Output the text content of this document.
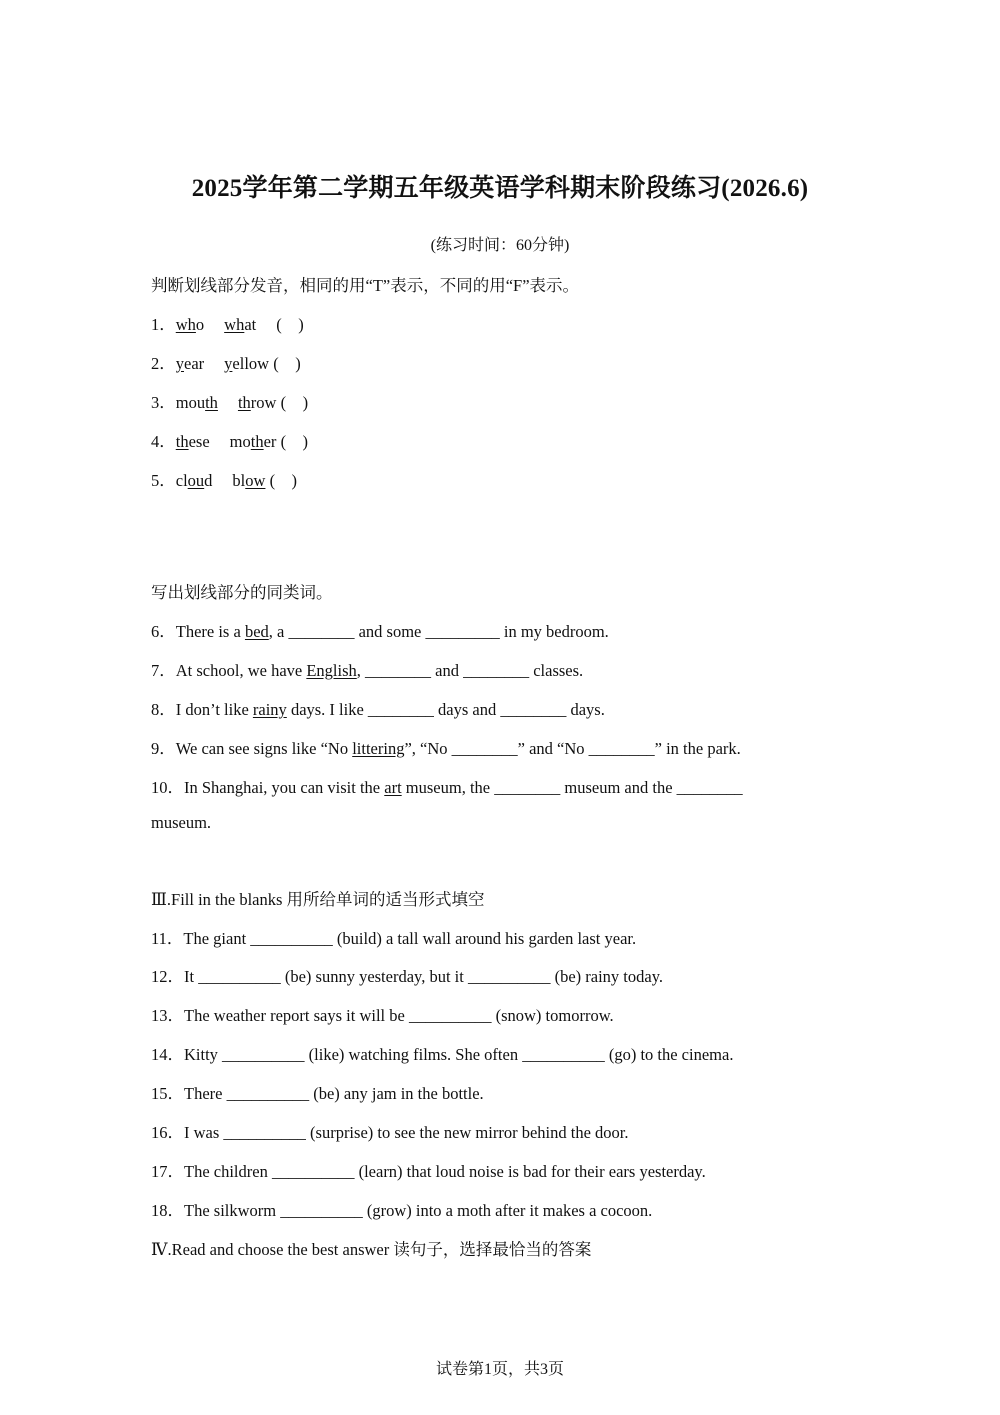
2025学年第二学期五年级英语学科期末阶段练习(2026.6)
(练习时间：60分钟)
判断划线部分发音，相同的用“T”表示，不同的用“F”表示。
1．who what (    )
2．year yellow (    )
3．mouth throw (    )
4．these mother (    )
5．cloud blow (    )
写出划线部分的同类词。
6．There is a bed, a ________ and some _________ in my bedroom.
7．At school, we have English, ________ and ________ classes.
8．I don’t like rainy days. I like ________ days and ________ days.
9．We can see signs like “No littering”, “No ________” and “No ________” in the park.
10．In Shanghai, you can visit the art museum, the ________ museum and the ________
museum.
Ⅲ.Fill in the blanks 用所给单词的适当形式填空
11．The giant __________ (build) a tall wall around his garden last year.
12．It __________ (be) sunny yesterday, but it __________ (be) rainy today.
13．The weather report says it will be __________ (snow) tomorrow.
14．Kitty __________ (like) watching films. She often __________ (go) to the cinema.
15．There __________ (be) any jam in the bottle.
16．I was __________ (surprise) to see the new mirror behind the door.
17．The children __________ (learn) that loud noise is bad for their ears yesterday.
18．The silkworm __________ (grow) into a moth after it makes a cocoon.
Ⅳ.Read and choose the best answer 读句子，选择最恰当的答案
试卷第1页，共3页
